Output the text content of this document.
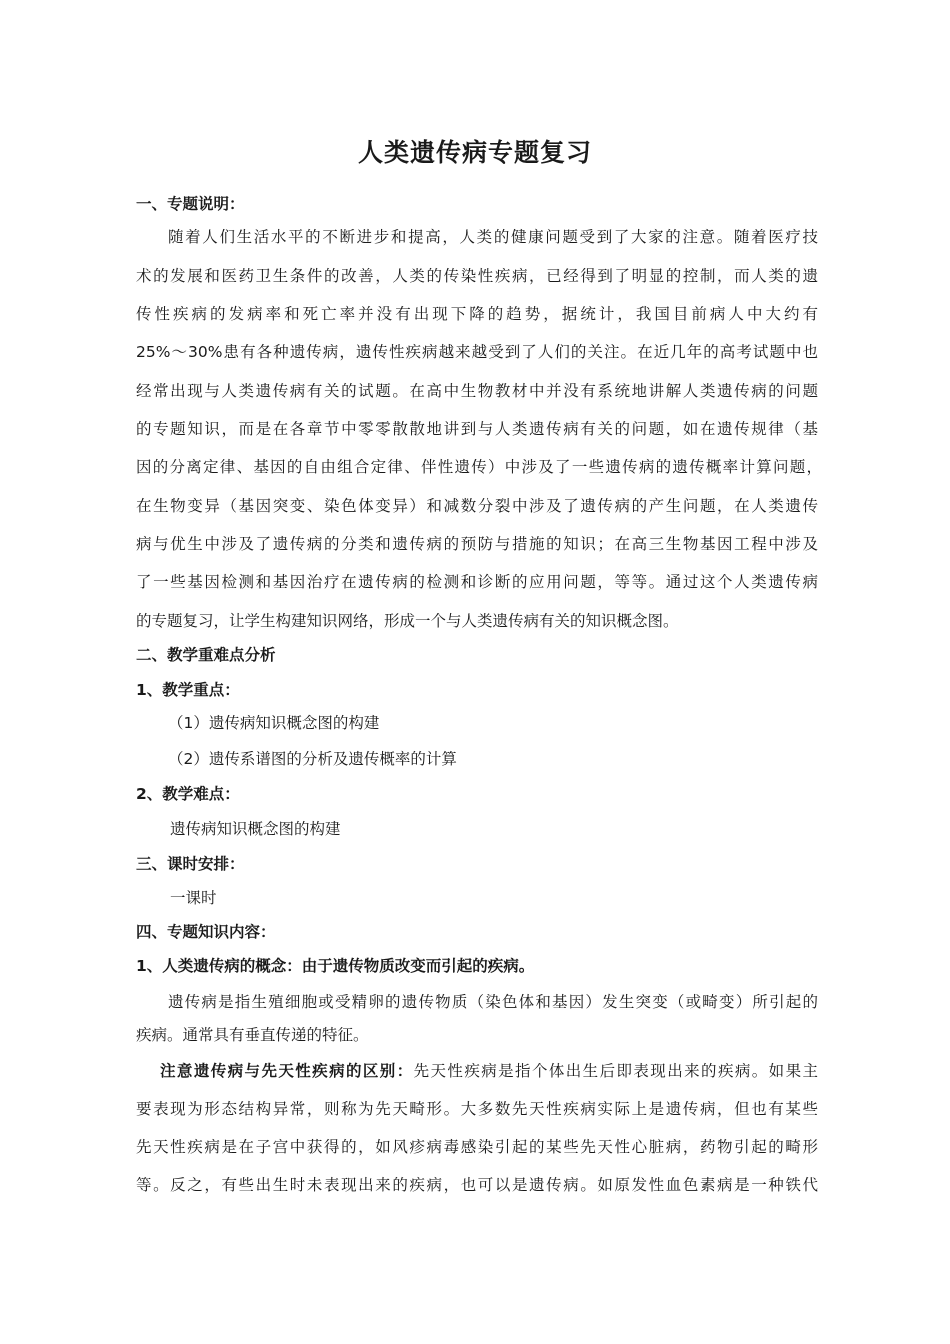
人类遗传病专题复习
一、专题说明：
随着人们生活水平的不断进步和提高，人类的健康问题受到了大家的注意。随着医疗技
术的发展和医药卫生条件的改善，人类的传染性疾病，已经得到了明显的控制，而人类的遗
传性疾病的发病率和死亡率并没有出现下降的趋势，据统计，我国目前病人中大约有
25%～30%患有各种遗传病，遗传性疾病越来越受到了人们的关注。在近几年的高考试题中也
经常出现与人类遗传病有关的试题。在高中生物教材中并没有系统地讲解人类遗传病的问题
的专题知识，而是在各章节中零零散散地讲到与人类遗传病有关的问题，如在遗传规律（基
因的分离定律、基因的自由组合定律、伴性遗传）中涉及了一些遗传病的遗传概率计算问题，
在生物变异（基因突变、染色体变异）和减数分裂中涉及了遗传病的产生问题，在人类遗传
病与优生中涉及了遗传病的分类和遗传病的预防与措施的知识；在高三生物基因工程中涉及
了一些基因检测和基因治疗在遗传病的检测和诊断的应用问题，等等。通过这个人类遗传病
的专题复习，让学生构建知识网络，形成一个与人类遗传病有关的知识概念图。
二、教学重难点分析
1、教学重点：
（1）遗传病知识概念图的构建
（2）遗传系谱图的分析及遗传概率的计算
2、教学难点：
遗传病知识概念图的构建
三、课时安排：
一课时
四、专题知识内容：
1、人类遗传病的概念：由于遗传物质改变而引起的疾病。
遗传病是指生殖细胞或受精卵的遗传物质（染色体和基因）发生突变（或畸变）所引起的
疾病。通常具有垂直传递的特征。
注意遗传病与先天性疾病的区别：先天性疾病是指个体出生后即表现出来的疾病。如果主
要表现为形态结构异常，则称为先天畸形。大多数先天性疾病实际上是遗传病，但也有某些
先天性疾病是在子宫中获得的，如风疹病毒感染引起的某些先天性心脏病，药物引起的畸形
等。反之，有些出生时未表现出来的疾病，也可以是遗传病。如原发性血色素病是一种铁代
